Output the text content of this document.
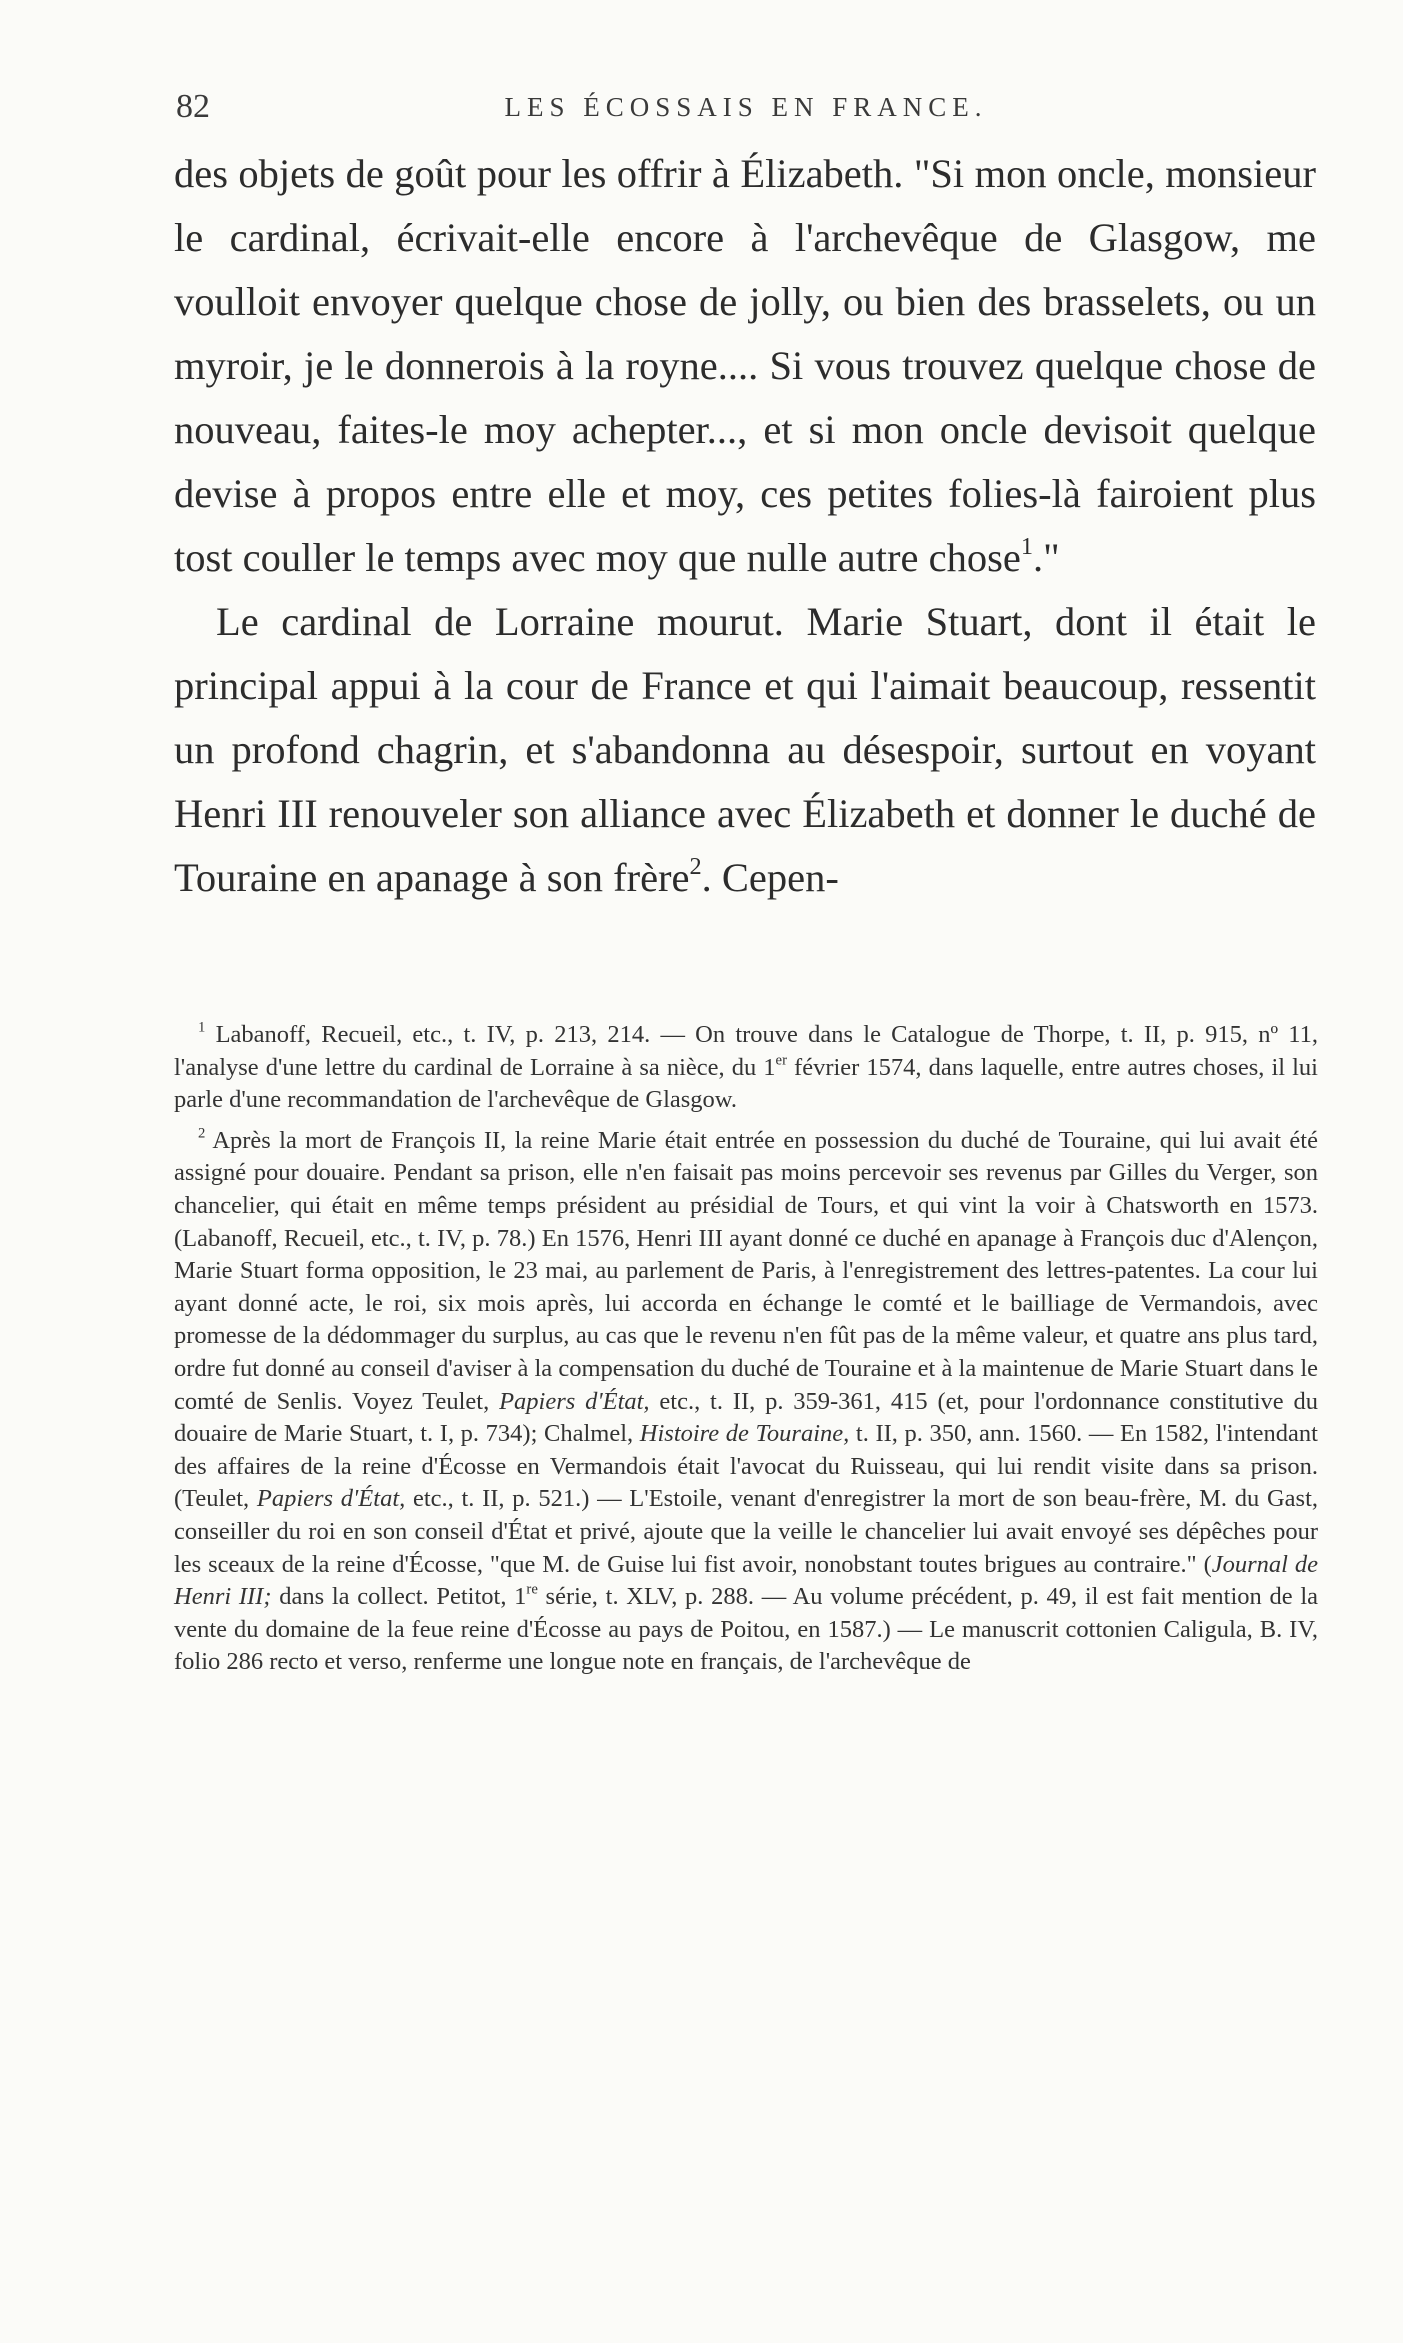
82	LES ÉCOSSAIS EN FRANCE.

des objets de goût pour les offrir à Élizabeth. "Si mon oncle, monsieur le cardinal, écrivait-elle encore à l'archevêque de Glasgow, me voulloit envoyer quelque chose de jolly, ou bien des brasselets, ou un myroir, je le donnerois à la royne.... Si vous trouvez quelque chose de nouveau, faites-le moy achepter..., et si mon oncle devisoit quelque devise à propos entre elle et moy, ces petites folies-là fairoient plus tost couller le temps avec moy que nulle autre chose$^1$."

Le cardinal de Lorraine mourut. Marie Stuart, dont il était le principal appui à la cour de France et qui l'aimait beaucoup, ressentit un profond chagrin, et s'abandonna au désespoir, surtout en voyant Henri III renouveler son alliance avec Élizabeth et donner le duché de Touraine en apanage à son frère$^2$. Cepen-

$^1$ Labanoff, Recueil, etc., t. IV, p. 213, 214. — On trouve dans le Catalogue de Thorpe, t. II, p. 915, nº 11, l'analyse d'une lettre du cardinal de Lorraine à sa nièce, du 1er février 1574, dans laquelle, entre autres choses, il lui parle d'une recommandation de l'archevêque de Glasgow.

$^2$ Après la mort de François II, la reine Marie était entrée en possession du duché de Touraine, qui lui avait été assigné pour douaire. Pendant sa prison, elle n'en faisait pas moins percevoir ses revenus par Gilles du Verger, son chancelier, qui était en même temps président au présidial de Tours, et qui vint la voir à Chatsworth en 1573. (Labanoff, Recueil, etc., t. IV, p. 78.) En 1576, Henri III ayant donné ce duché en apanage à François duc d'Alençon, Marie Stuart forma opposition, le 23 mai, au parlement de Paris, à l'enregistrement des lettres-patentes. La cour lui ayant donné acte, le roi, six mois après, lui accorda en échange le comté et le bailliage de Vermandois, avec promesse de la dédommager du surplus, au cas que le revenu n'en fût pas de la même valeur, et quatre ans plus tard, ordre fut donné au conseil d'aviser à la compensation du duché de Touraine et à la maintenue de Marie Stuart dans le comté de Senlis. Voyez Teulet, Papiers d'État, etc., t. II, p. 359-361, 415 (et, pour l'ordonnance constitutive du douaire de Marie Stuart, t. I, p. 734); Chalmel, Histoire de Touraine, t. II, p. 350, ann. 1560. — En 1582, l'intendant des affaires de la reine d'Écosse en Vermandois était l'avocat du Ruisseau, qui lui rendit visite dans sa prison. (Teulet, Papiers d'État, etc., t. II, p. 521.) — L'Estoile, venant d'enregistrer la mort de son beau-frère, M. du Gast, conseiller du roi en son conseil d'État et privé, ajoute que la veille le chancelier lui avait envoyé ses dépêches pour les sceaux de la reine d'Écosse, "que M. de Guise lui fist avoir, nonobstant toutes brigues au contraire." (Journal de Henri III; dans la collect. Petitot, 1re série, t. XLV, p. 288. — Au volume précédent, p. 49, il est fait mention de la vente du domaine de la feue reine d'Écosse au pays de Poitou, en 1587.) — Le manuscrit cottonien Caligula, B. IV, folio 286 recto et verso, renferme une longue note en français, de l'archevêque de
